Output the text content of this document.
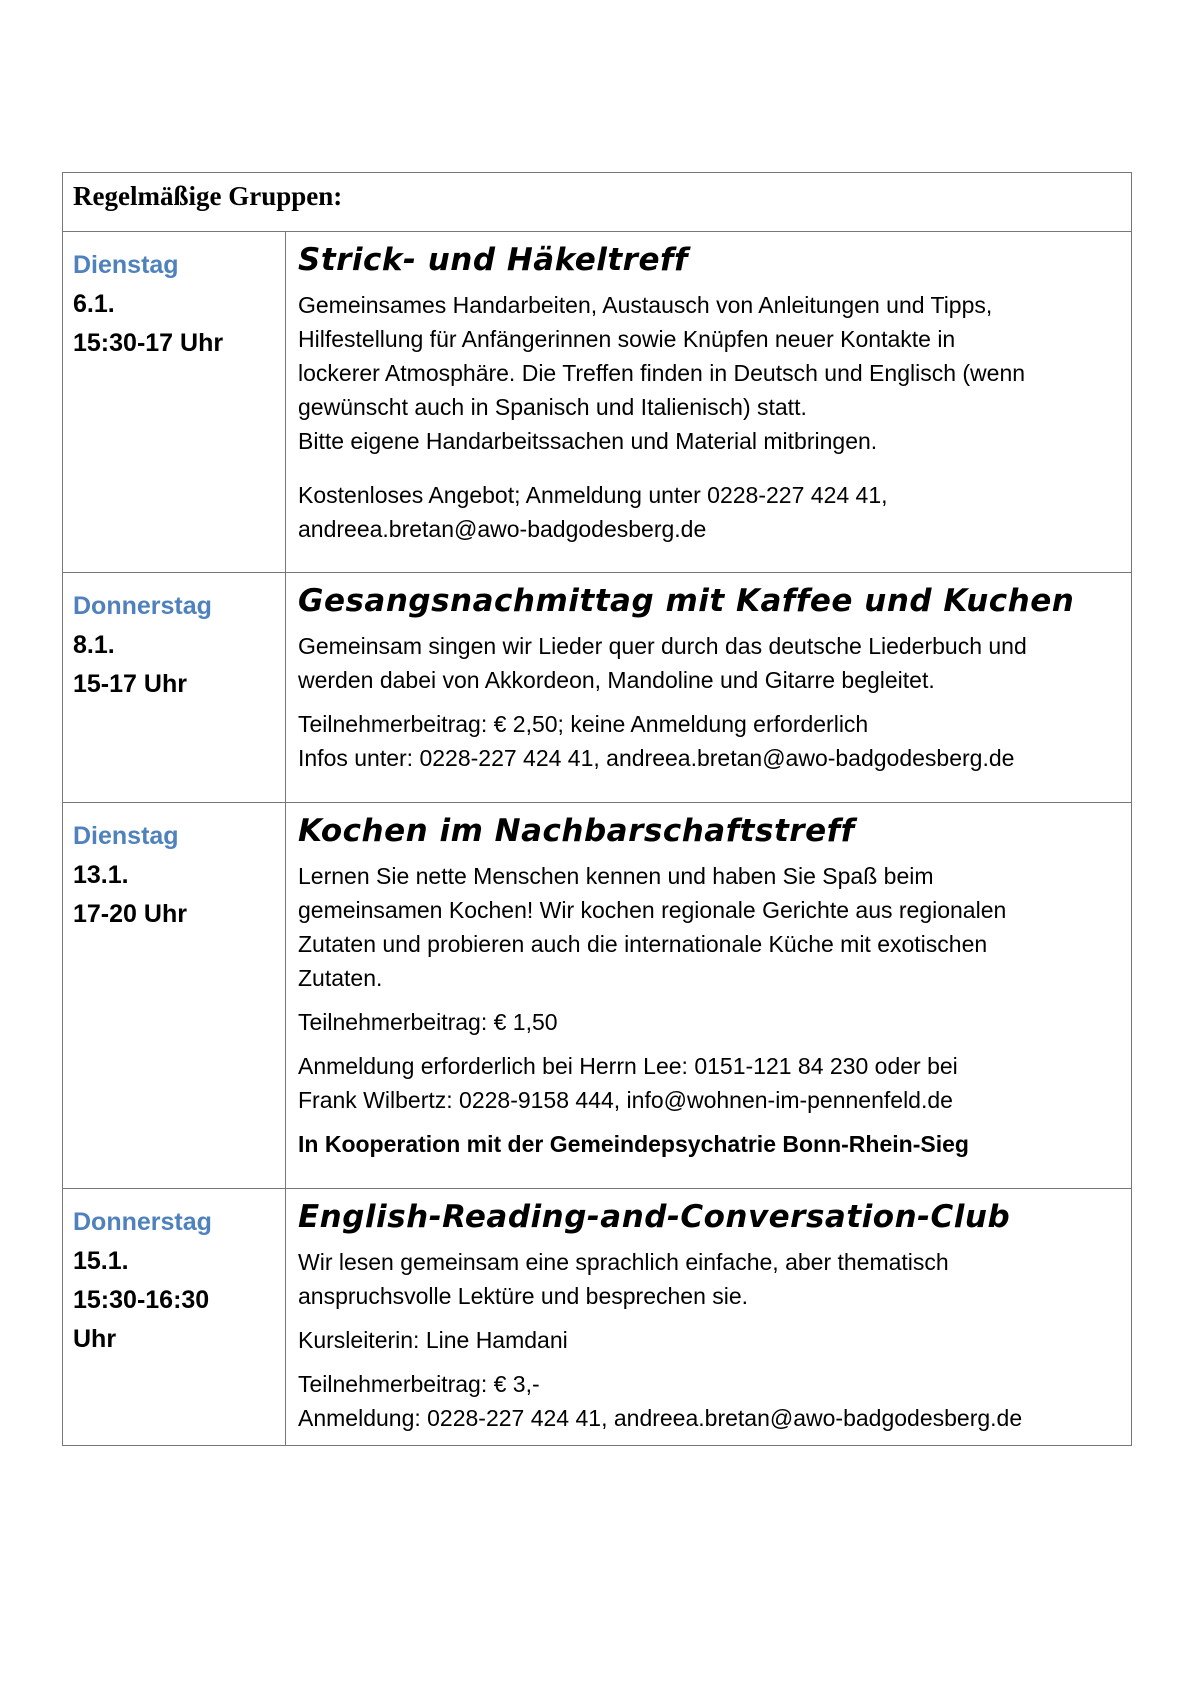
Regelmäßige Gruppen:
Dienstag
6.1.
15:30-17 Uhr
Strick- und Häkeltreff

Gemeinsames Handarbeiten, Austausch von Anleitungen und Tipps,

Hilfestellung für Anfängerinnen sowie Knüpfen neuer Kontakte in

lockerer Atmosphäre. Die Treffen finden in Deutsch und Englisch (wenn

gewünscht auch in Spanisch und Italienisch) statt.

Bitte eigene Handarbeitssachen und Material mitbringen.

Kostenloses Angebot; Anmeldung unter 0228-227 424 41,

andreea.bretan@awo-badgodesberg.de

Donnerstag
8.1.
15-17 Uhr
Gesangsnachmittag mit Kaffee und Kuchen

Gemeinsam singen wir Lieder quer durch das deutsche Liederbuch und

werden dabei von Akkordeon, Mandoline und Gitarre begleitet.

Teilnehmerbeitrag: € 2,50; keine Anmeldung erforderlich

Infos unter: 0228-227 424 41, andreea.bretan@awo-badgodesberg.de

Dienstag
13.1.
17-20 Uhr
Kochen im Nachbarschaftstreff

Lernen Sie nette Menschen kennen und haben Sie Spaß beim

gemeinsamen Kochen! Wir kochen regionale Gerichte aus regionalen

Zutaten und probieren auch die internationale Küche mit exotischen

Zutaten.

Teilnehmerbeitrag: € 1,50

Anmeldung erforderlich bei Herrn Lee: 0151-121 84 230 oder bei

Frank Wilbertz: 0228-9158 444, info@wohnen-im-pennenfeld.de

In Kooperation mit der Gemeindepsychatrie Bonn-Rhein-Sieg

Donnerstag
15.1.
15:30-16:30
Uhr
English-Reading-and-Conversation-Club

Wir lesen gemeinsam eine sprachlich einfache, aber thematisch

anspruchsvolle Lektüre und besprechen sie.

Kursleiterin: Line Hamdani

Teilnehmerbeitrag: € 3,-

Anmeldung: 0228-227 424 41, andreea.bretan@awo-badgodesberg.de
